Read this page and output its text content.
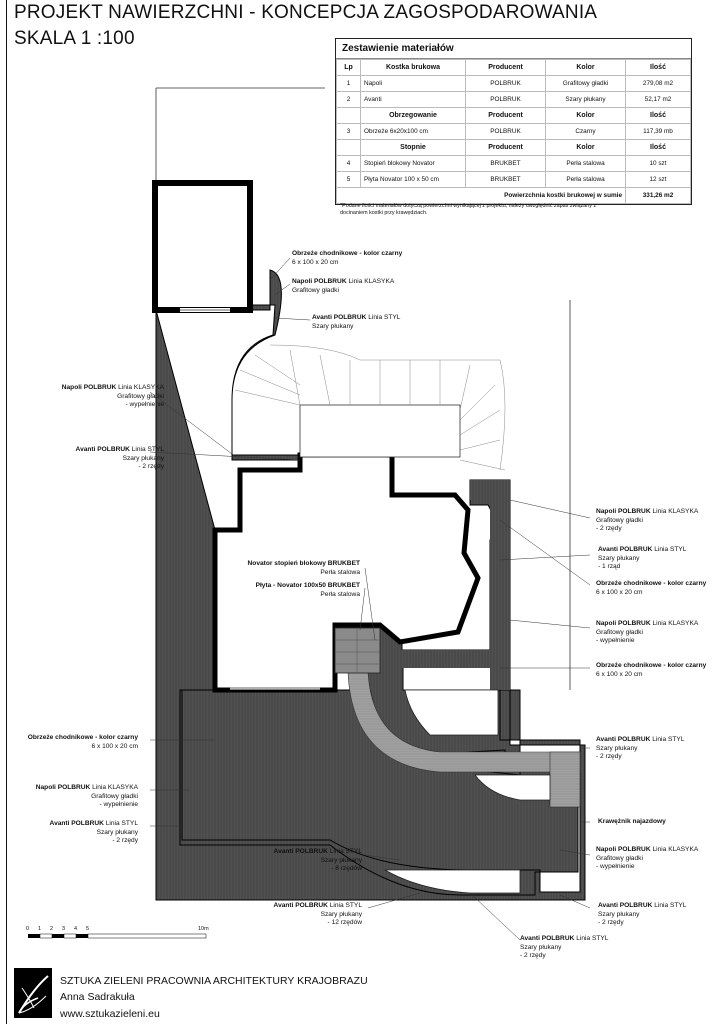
PROJEKT NAWIERZCHNI - KONCEPCJA ZAGOSPODAROWANIA
SKALA 1 :100	Zestawienie materiałów
Lp	Kostka brukowa	Producent	Kolor	Ilość
1	Napoli	POLBRUK	Grafitowy gładki	279,08 m2
2	Avanti	POLBRUK	Szary płukany	52,17 m2
	Obrzegowanie	Producent	Kolor	Ilość
3	Obrzeże 6x20x100 cm	POLBRUK	Czarny	117,39 mb
	Stopnie	Producent	Kolor	Ilość
4	Stopień blokowy Novator	BRUKBET	Perła stalowa	10 szt
5	Płyta Novator 100 x 50 cm	BRUKBET	Perła stalowa	12 szt
Powierzchnia kostki brukowej w sumie				331,26 m2
*Podane ilości materiałów dotyczą powierzchni wynikającej z projektu, należy uwzględnić zapas związany z docinaniem kostki przy krawędziach.
Obrzeże chodnikowe - kolor czarny
6 x 100 x 20 cm
Napoli POLBRUK Linia KLASYKA
Grafitowy gładki
Avanti POLBRUK Linia STYL
Szary płukany
Napoli POLBRUK Linia KLASYKA
Grafitowy gładki
- wypełnienie
Avanti POLBRUK Linia STYL
Szary płukany
- 2 rzędy
Novator stopień blokowy BRUKBET
Perła stalowa
Płyta - Novator 100x50 BRUKBET
Perła stalowa
Napoli POLBRUK Linia KLASYKA
Grafitowy gładki
- 2 rzędy
Avanti POLBRUK Linia STYL
Szary płukany
- 1 rząd
Obrzeże chodnikowe - kolor czarny
6 x 100 x 20 cm
Napoli POLBRUK Linia KLASYKA
Grafitowy gładki
- wypełnienie
Obrzeże chodnikowe - kolor czarny
6 x 100 x 20 cm
Avanti POLBRUK Linia STYL
Szary płukany
- 2 rzędy
Obrzeże chodnikowe - kolor czarny
6 x 100 x 20 cm
Napoli POLBRUK Linia KLASYKA
Grafitowy gładki
- wypełnienie
Avanti POLBRUK Linia STYL
Szary płukany
- 2 rzędy
Krawężnik najazdowy
Avanti POLBRUK Linia STYL
Szary płukany
- 8 rzędów
Napoli POLBRUK Linia KLASYKA
Grafitowy gładki
- wypełnienie
Avanti POLBRUK Linia STYL
Szary płukany
- 12 rzędów
Avanti POLBRUK Linia STYL
Szary płukany
- 2 rzędy
Avanti POLBRUK Linia STYL
Szary płukany
- 2 rzędy
0 1 2 3 4 5	10m
SZTUKA ZIELENI PRACOWNIA ARCHITEKTURY KRAJOBRAZU
Anna Sadrakuła
www.sztukazieleni.eu
